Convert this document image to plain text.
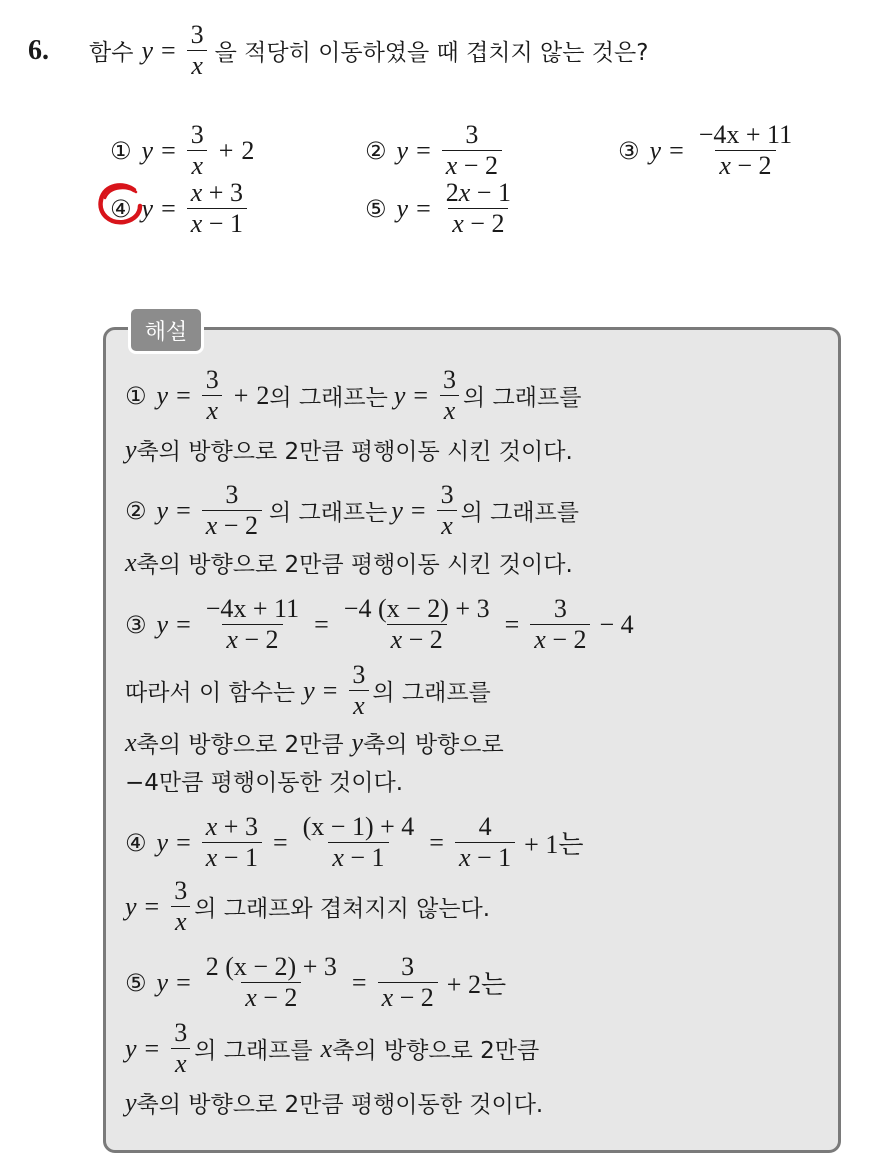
6. 함수 $y = \frac{3}{x}$ 을 적당히 이동하였을 때 겹치지 않는 것은?
① $y = \frac{3}{x} + 2$	② $y = \frac{3}{x - 2}$	③ $y = \frac{-4x + 11}{x - 2}$
④ $y = \frac{x + 3}{x - 1}$	⑤ $y = \frac{2x - 1}{x - 2}$
해설
① $y = \frac{3}{x} + 2$ 의 그래프는 $y = \frac{3}{x}$ 의 그래프를
y 축의 방향으로 2만큼 평행이동 시킨 것이다.
② $y = \frac{3}{x - 2}$ 의 그래프는 $y = \frac{3}{x}$ 의 그래프를
x 축의 방향으로 2만큼 평행이동 시킨 것이다.
③ $y = \frac{-4x + 11}{x - 2} = \frac{-4 (x - 2) + 3}{x - 2} = \frac{3}{x - 2} - 4$
따라서 이 함수는 $y = \frac{3}{x}$ 의 그래프를
x 축의 방향으로 2만큼 y 축의 방향으로
−4만큼 평행이동한 것이다.
④ $y = \frac{x + 3}{x - 1} = \frac{(x - 1) + 4}{x - 1} = \frac{4}{x - 1} + 1$는
$y = \frac{3}{x}$ 의 그래프와 겹쳐지지 않는다.
⑤ $y = \frac{2 (x - 2) + 3}{x - 2} = \frac{3}{x - 2} + 2$는
$y = \frac{3}{x}$ 의 그래프를 x 축의 방향으로 2만큼
y 축의 방향으로 2만큼 평행이동한 것이다.
